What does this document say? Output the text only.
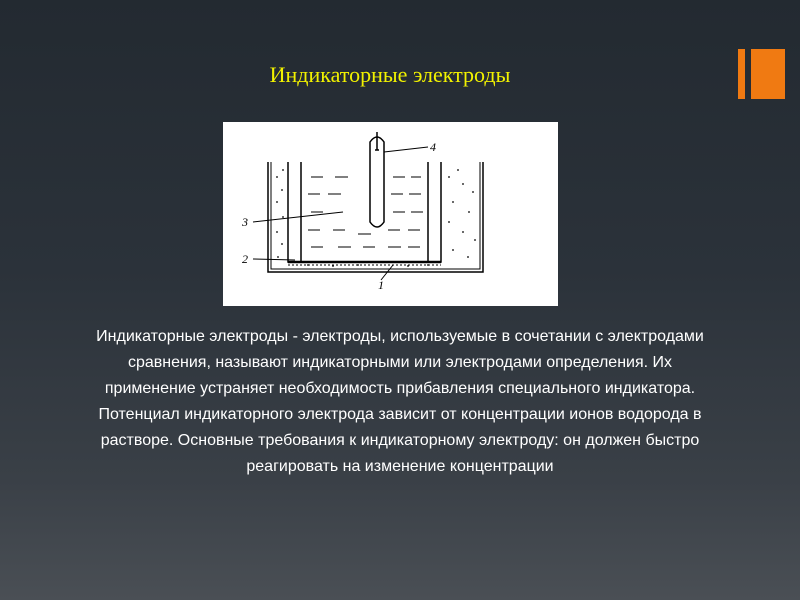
Индикаторные электроды
4
3
2
1

Индикаторные электроды - электроды, используемые в сочетании с электродами сравнения, называют индикаторными или электродами определения. Их применение устраняет необходимость прибавления специального индикатора. Потенциал индикаторного электрода зависит от концентрации ионов водорода в растворе. Основные требования к индикаторному электроду: он должен быстро реагировать на изменение концентрации
